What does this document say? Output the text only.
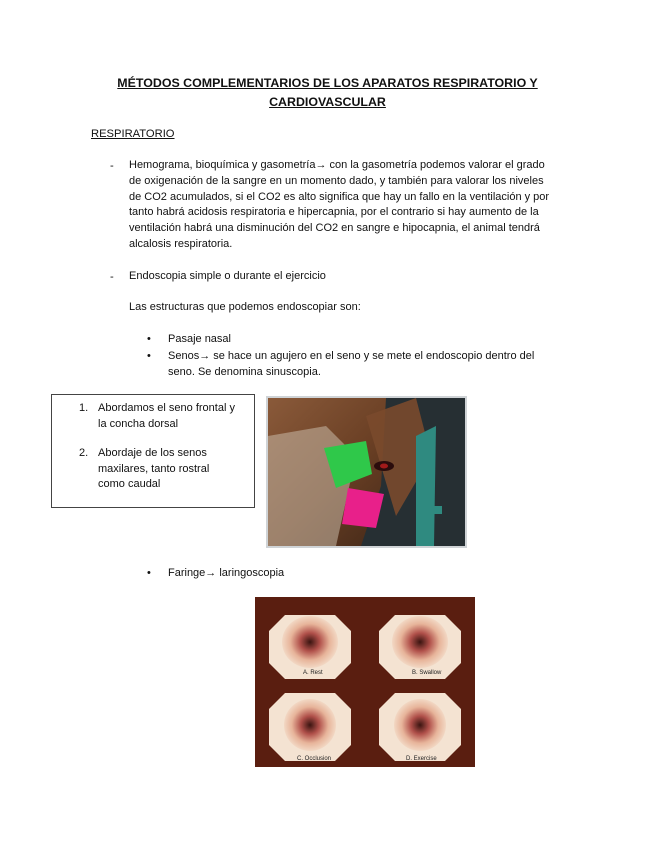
MÉTODOS COMPLEMENTARIOS DE LOS APARATOS RESPIRATORIO Y
CARDIOVASCULAR
RESPIRATORIO
- Hemograma, bioquímica y gasometría→ con la gasometría podemos valorar el grado
de oxigenación de la sangre en un momento dado, y también para valorar los niveles
de CO2 acumulados, si el CO2 es alto significa que hay un fallo en la ventilación y por
tanto habrá acidosis respiratoria e hipercapnia, por el contrario si hay aumento de la
ventilación habrá una disminución del CO2 en sangre e hipocapnia, el animal tendrá
alcalosis respiratoria.
- Endoscopia simple o durante el ejercicio
Las estructuras que podemos endoscopiar son:
• Pasaje nasal
• Senos→ se hace un agujero en el seno y se mete el endoscopio dentro del
seno. Se denomina sinuscopia.
1. Abordamos el seno frontal y
la concha dorsal
2. Abordaje de los senos
maxilares, tanto rostral
como caudal
• Faringe→ laringoscopia
A. Rest	B. Swallow
C. Occlusion	D. Exercise
